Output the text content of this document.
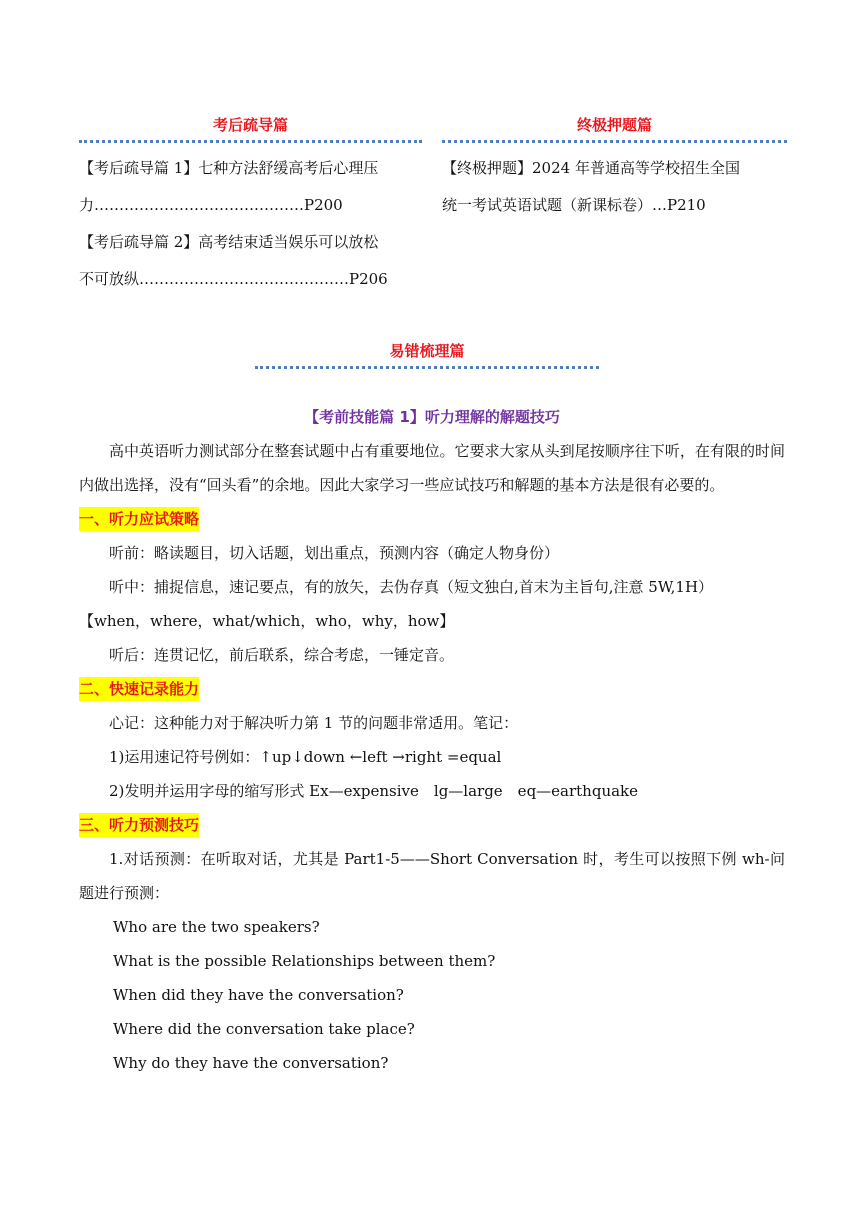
考后疏导篇
【考后疏导篇 1】七种方法舒缓高考后心理压
力……………………………………P200
【考后疏导篇 2】高考结束适当娱乐可以放松
不可放纵……………………………………P206
终极押题篇
【终极押题】2024 年普通高等学校招生全国
统一考试英语试题（新课标卷）…P210
易错梳理篇
【考前技能篇 1】听力理解的解题技巧

高中英语听力测试部分在整套试题中占有重要地位。它要求大家从头到尾按顺序往下听，在有限的时间内做出选择，没有“回头看”的余地。因此大家学习一些应试技巧和解题的基本方法是很有必要的。

一、听力应试策略

听前：略读题目，切入话题，划出重点，预测内容（确定人物身份）

听中：捕捉信息，速记要点，有的放矢，去伪存真（短文独白,首末为主旨句,注意 5W,1H）

【when，where，what/which，who，why，how】

听后：连贯记忆，前后联系，综合考虑，一锤定音。

二、快速记录能力

心记：这种能力对于解决听力第 1 节的问题非常适用。笔记：

1)运用速记符号例如：↑up↓down ←left →right =equal

2)发明并运用字母的缩写形式 Ex—expensive　lg—large　eq—earthquake

三、听力预测技巧

1.对话预测：在听取对话，尤其是 Part1-5——Short Conversation 时，考生可以按照下例 wh-问题进行预测：

Who are the two speakers?

What is the possible Relationships between them?

When did they have the conversation?

Where did the conversation take place?

Why do they have the conversation?
